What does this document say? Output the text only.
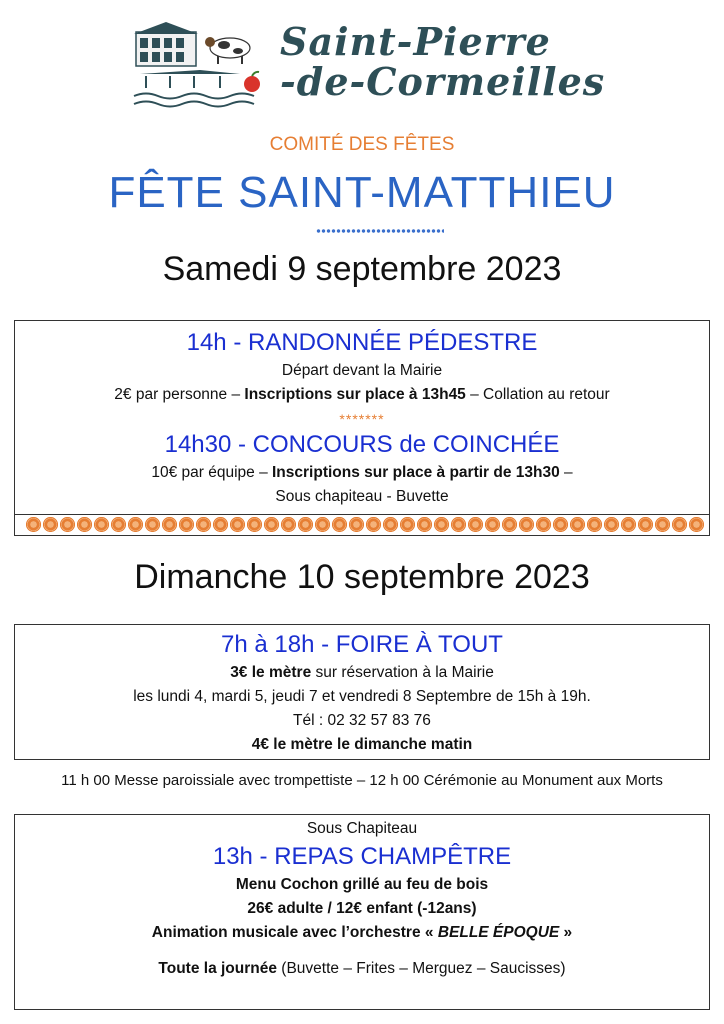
Saint-Pierre
-de-Cormeilles
COMITÉ DES FÊTES
FÊTE SAINT-MATTHIEU
Samedi 9 septembre 2023
14h - RANDONNÉE PÉDESTRE
Départ devant la Mairie
2€ par personne – Inscriptions sur place à 13h45 – Collation au retour
*******
14h30 - CONCOURS de COINCHÉE
10€ par équipe – Inscriptions sur place à partir de 13h30 –
Sous chapiteau - Buvette
Dimanche 10 septembre 2023
7h à 18h - FOIRE À TOUT
3€ le mètre sur réservation à la Mairie
les lundi 4, mardi 5, jeudi 7 et vendredi 8 Septembre de 15h à 19h.
Tél : 02 32 57 83 76
4€ le mètre le dimanche matin
11 h 00 Messe paroissiale avec trompettiste – 12 h 00 Cérémonie au Monument aux Morts
Sous Chapiteau
13h - REPAS CHAMPÊTRE
Menu Cochon grillé au feu de bois
26€ adulte / 12€ enfant (-12ans)
Animation musicale avec l’orchestre « BELLE ÉPOQUE »
Toute la journée (Buvette – Frites – Merguez – Saucisses)
